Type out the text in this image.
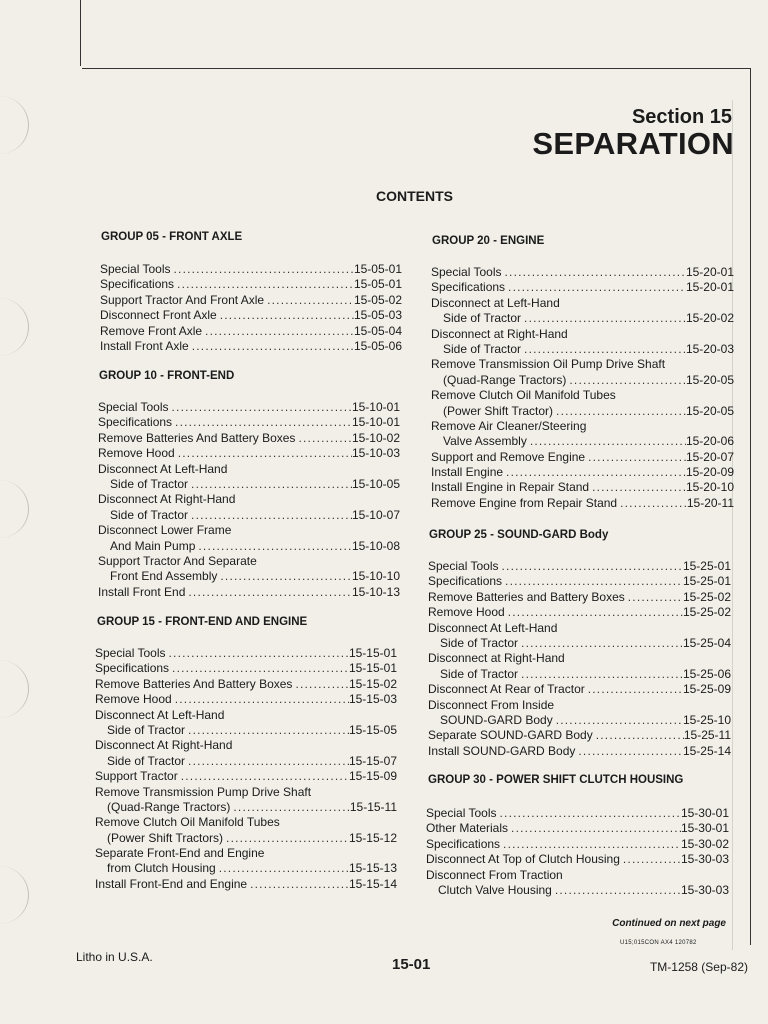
Section 15
SEPARATION
CONTENTS
GROUP 05 - FRONT AXLE
Special Tools .....	15-05-01
Specifications .....	15-05-01
Support Tractor And Front Axle .....	15-05-02
Disconnect Front Axle .....	15-05-03
Remove Front Axle .....	15-05-04
Install Front Axle .....	15-05-06
GROUP 10 - FRONT-END
Special Tools .....	15-10-01
Specifications .....	15-10-01
Remove Batteries And Battery Boxes .....	15-10-02
Remove Hood .....	15-10-03
Disconnect At Left-Hand
Side of Tractor .....	15-10-05
Disconnect At Right-Hand
Side of Tractor .....	15-10-07
Disconnect Lower Frame
And Main Pump .....	15-10-08
Support Tractor And Separate
Front End Assembly .....	15-10-10
Install Front End .....	15-10-13
GROUP 15 - FRONT-END AND ENGINE
Special Tools .....	15-15-01
Specifications .....	15-15-01
Remove Batteries And Battery Boxes .....	15-15-02
Remove Hood .....	15-15-03
Disconnect At Left-Hand
Side of Tractor .....	15-15-05
Disconnect At Right-Hand
Side of Tractor .....	15-15-07
Support Tractor .....	15-15-09
Remove Transmission Pump Drive Shaft
(Quad-Range Tractors) .....	15-15-11
Remove Clutch Oil Manifold Tubes
(Power Shift Tractors) .....	15-15-12
Separate Front-End and Engine
from Clutch Housing .....	15-15-13
Install Front-End and Engine .....	15-15-14
GROUP 20 - ENGINE
Special Tools .....	15-20-01
Specifications .....	15-20-01
Disconnect at Left-Hand
Side of Tractor .....	15-20-02
Disconnect at Right-Hand
Side of Tractor .....	15-20-03
Remove Transmission Oil Pump Drive Shaft
(Quad-Range Tractors) .....	15-20-05
Remove Clutch Oil Manifold Tubes
(Power Shift Tractor) .....	15-20-05
Remove Air Cleaner/Steering
Valve Assembly .....	15-20-06
Support and Remove Engine .....	15-20-07
Install Engine .....	15-20-09
Install Engine in Repair Stand .....	15-20-10
Remove Engine from Repair Stand .....	15-20-11
GROUP 25 - SOUND-GARD Body
Special Tools .....	15-25-01
Specifications .....	15-25-01
Remove Batteries and Battery Boxes .....	15-25-02
Remove Hood .....	15-25-02
Disconnect At Left-Hand
Side of Tractor .....	15-25-04
Disconnect at Right-Hand
Side of Tractor .....	15-25-06
Disconnect At Rear of Tractor .....	15-25-09
Disconnect From Inside
SOUND-GARD Body .....	15-25-10
Separate SOUND-GARD Body .....	15-25-11
Install SOUND-GARD Body .....	15-25-14
GROUP 30 - POWER SHIFT CLUTCH HOUSING
Special Tools .....	15-30-01
Other Materials .....	15-30-01
Specifications .....	15-30-02
Disconnect At Top of Clutch Housing .....	15-30-03
Disconnect From Traction
Clutch Valve Housing .....	15-30-03
Continued on next page
U15;015CON AX4 120782
Litho in U.S.A.	15-01	TM-1258 (Sep-82)
